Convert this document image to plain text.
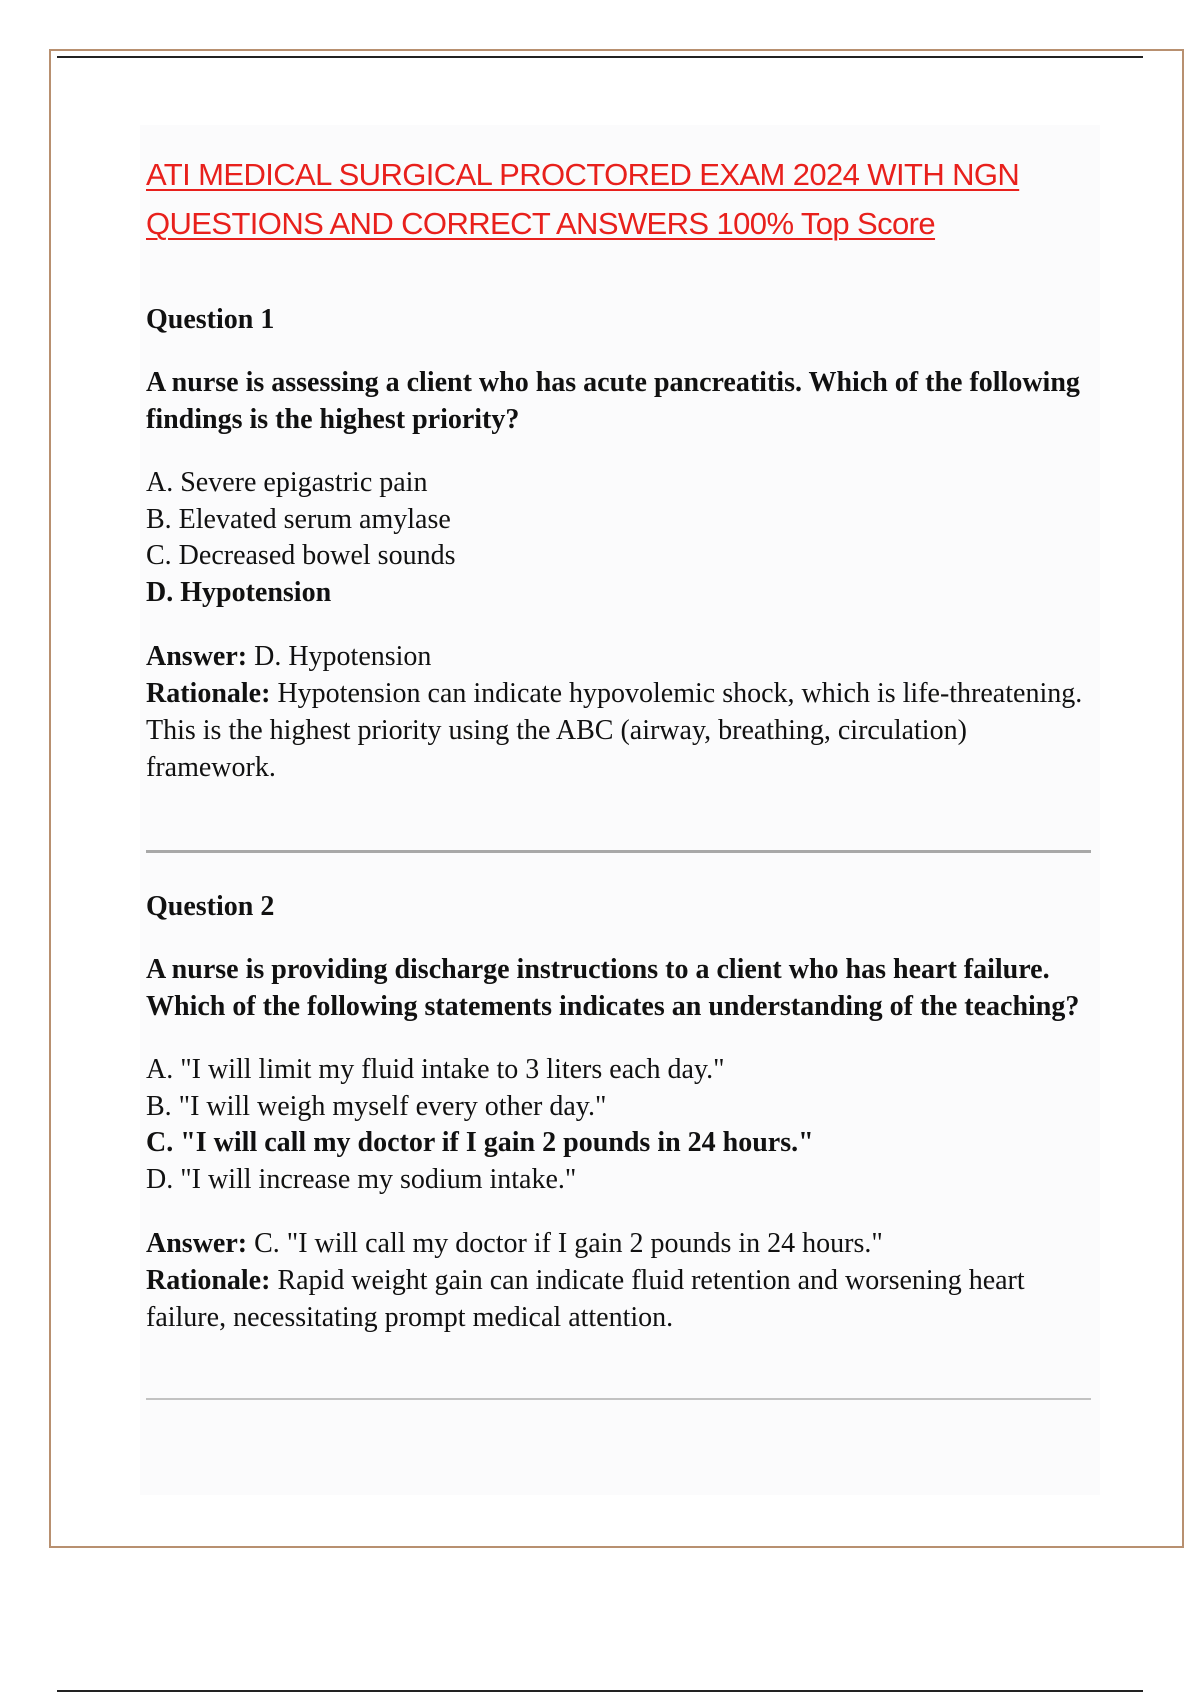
ATI MEDICAL SURGICAL PROCTORED EXAM 2024 WITH NGN QUESTIONS AND CORRECT ANSWERS 100% Top Score

Question 1

A nurse is assessing a client who has acute pancreatitis. Which of the following findings is the highest priority?

A. Severe epigastric pain
B. Elevated serum amylase
C. Decreased bowel sounds
D. Hypotension

Answer: D. Hypotension

Rationale: Hypotension can indicate hypovolemic shock, which is life-threatening. This is the highest priority using the ABC (airway, breathing, circulation) framework.

Question 2

A nurse is providing discharge instructions to a client who has heart failure. Which of the following statements indicates an understanding of the teaching?

A. "I will limit my fluid intake to 3 liters each day."
B. "I will weigh myself every other day."
C. "I will call my doctor if I gain 2 pounds in 24 hours."
D. "I will increase my sodium intake."

Answer: C. "I will call my doctor if I gain 2 pounds in 24 hours."

Rationale: Rapid weight gain can indicate fluid retention and worsening heart failure, necessitating prompt medical attention.
